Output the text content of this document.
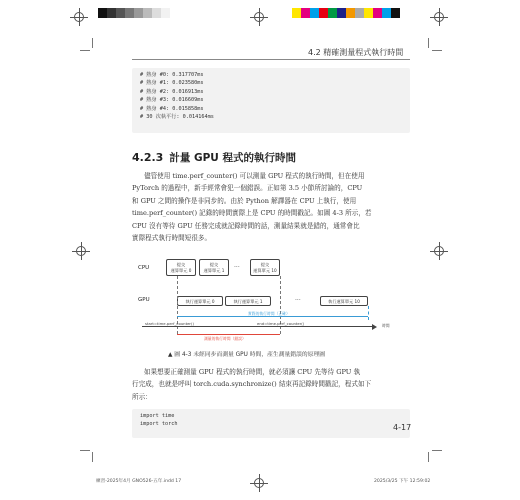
4.2 精確測量程式執行時間
# 熱身 #0: 0.317707ms
# 熱身 #1: 0.023580ms
# 熱身 #2: 0.016913ms
# 熱身 #3: 0.016609ms
# 熱身 #4: 0.015858ms
# 30 次執平行: 0.014164ms
4.2.3 計量 GPU 程式的執行時間
儘管使用 time.perf_counter() 可以測量 GPU 程式的執行時間，但在使用
PyTorch 的過程中，新手經常會犯一個錯誤。正如第 3.5 小節所討論的，CPU
和 GPU 之間的操作是非同步的。由於 Python 解譯器在 CPU 上執行，使用
time.perf_counter() 記錄的時間實際上是 CPU 的時間戳記。如圖 4-3 所示，若
CPU 沒有等待 GPU 任務完成就記錄時間的話，測量結果就是錯的，通常會比
實際程式執行時間短很多。
CPU
GPU
提交
運算單元 0
提交
運算單元 1	···	提交
運算單元 10
執行運算單元 0	執行運算單元 1	···	執行運算單元 10
實際的執行時間（正確）
時間
start=time.perf_counter()	end=time.perf_counter()
測量的執行時間（錯誤）
▲ 圖 4-3 未經同步而測量 GPU 時間，產生測量錯誤的原理圖
如果想要正確測量 GPU 程式的執行時間，就必須讓 CPU 先等待 GPU 執
行完成，也就是呼叫 torch.cuda.synchronize() 結束再記錄時間戳記，程式如下
所示：
import time
import torch	4-17
練習-2025年4月 GNO526-五年.indd 17	2025/3/25 下午 12:59:02
